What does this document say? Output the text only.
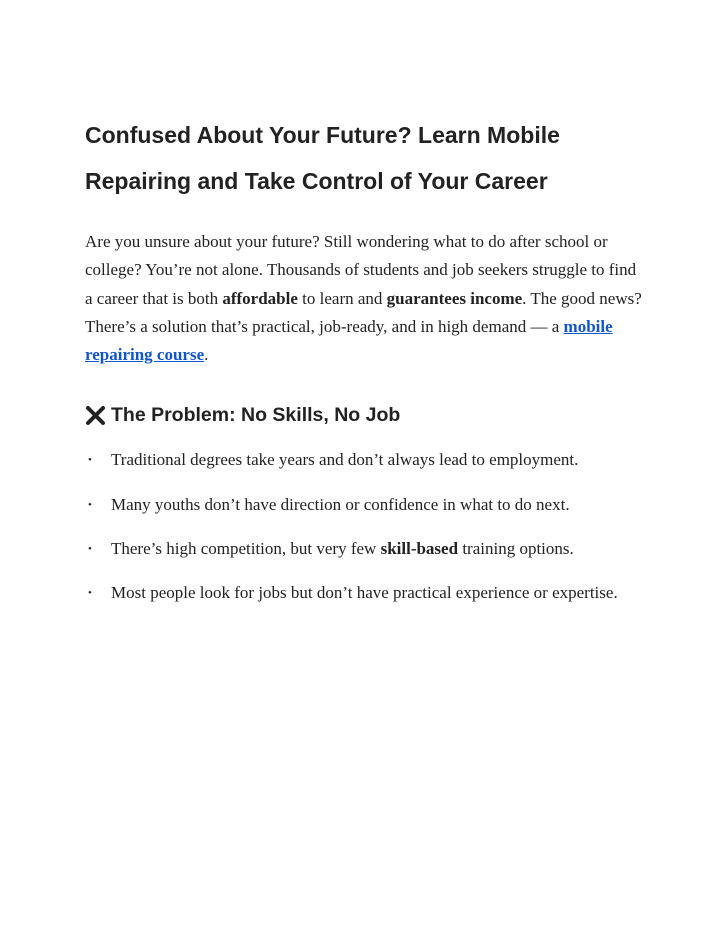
Confused About Your Future? Learn Mobile Repairing and Take Control of Your Career

Are you unsure about your future? Still wondering what to do after school or college? You’re not alone. Thousands of students and job seekers struggle to find a career that is both affordable to learn and guarantees income. The good news? There’s a solution that’s practical, job-ready, and in high demand — a mobile repairing course.

The Problem: No Skills, No Job
• Traditional degrees take years and don’t always lead to employment.
• Many youths don’t have direction or confidence in what to do next.
• There’s high competition, but very few skill-based training options.
• Most people look for jobs but don’t have practical experience or expertise.
